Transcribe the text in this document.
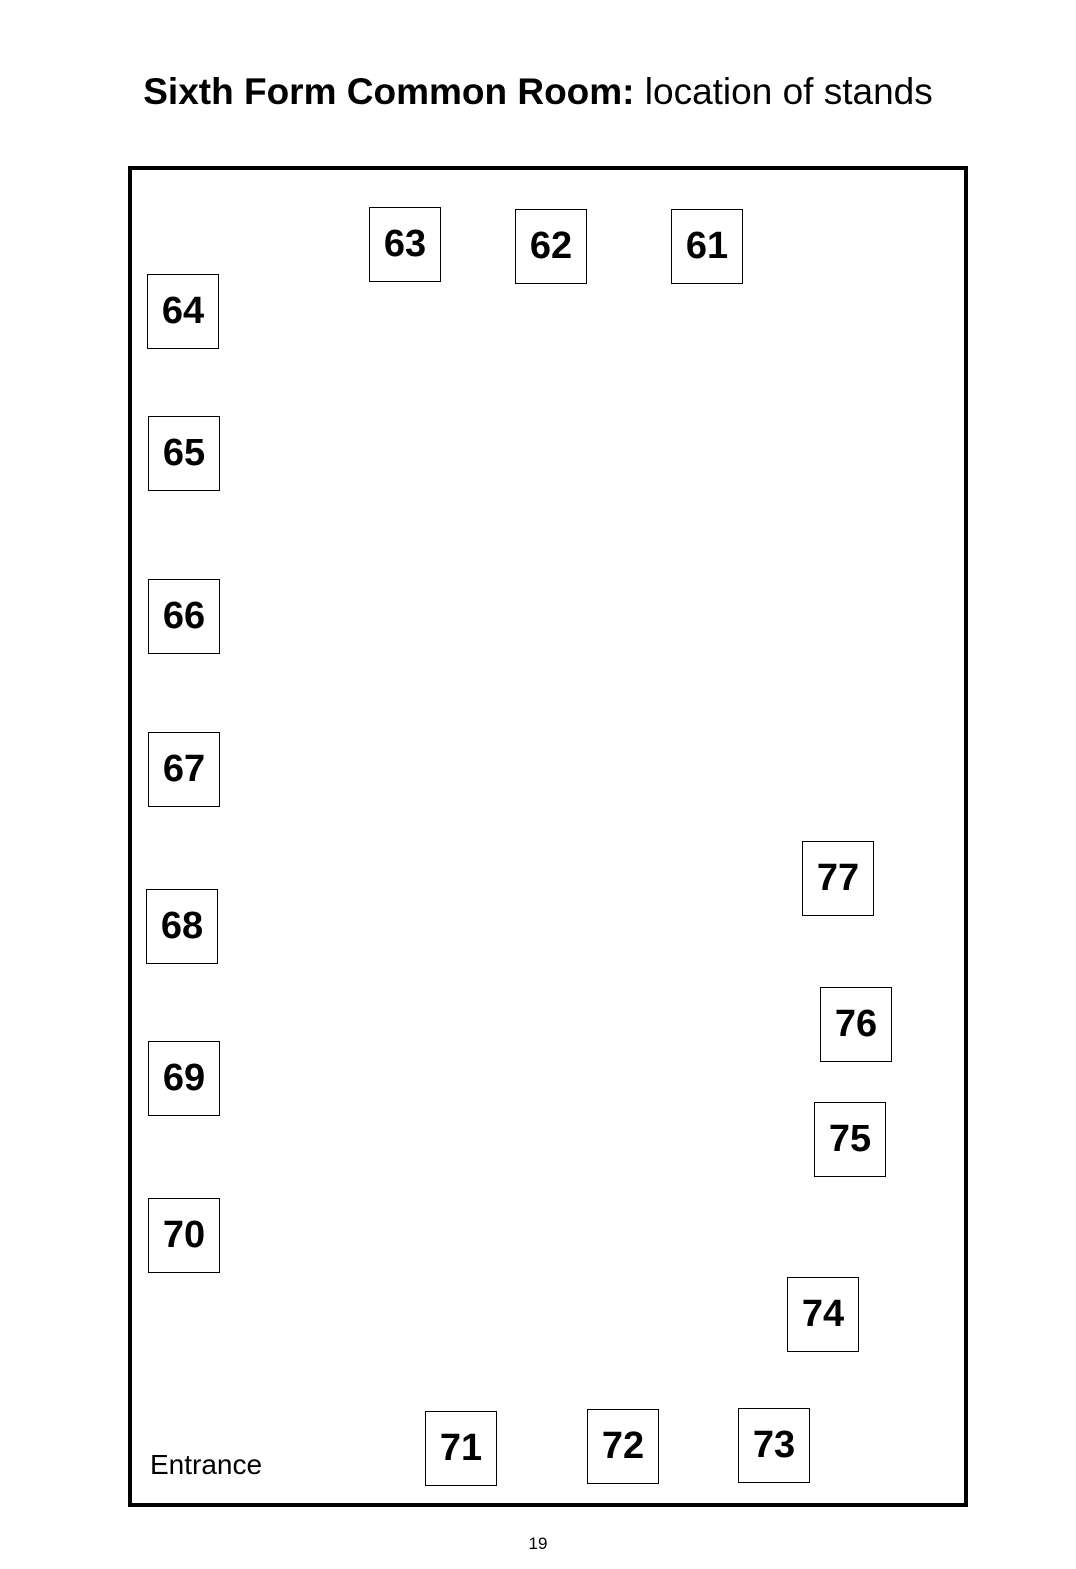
Sixth Form Common Room: location of stands
63	62	61
64
65
66
67
68
69
70
77
76
75
74
71	72	73
Entrance
19
